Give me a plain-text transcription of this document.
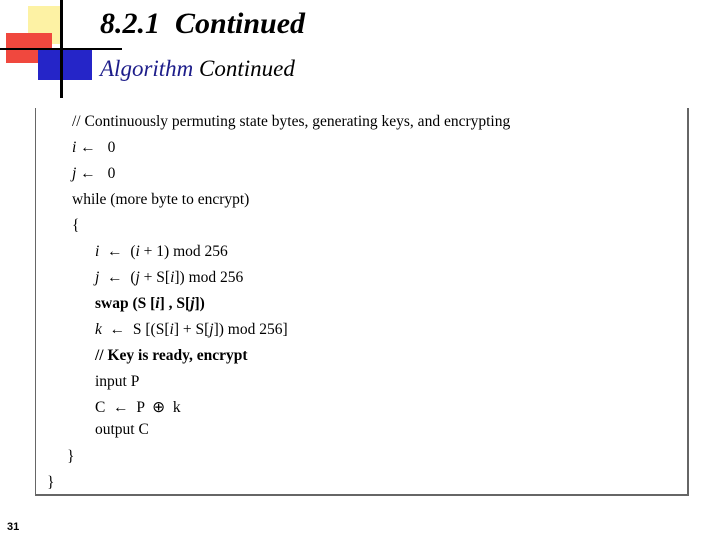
8.2.1  Continued
Algorithm Continued
// Continuously permuting state bytes, generating keys, and encrypting
i ← 0
j ← 0
while (more byte to encrypt)
{
i  ←  (i + 1) mod 256
j  ←  (j + S[i]) mod 256
swap (S [i] , S[j])
k  ←  S [(S[i] + S[j]) mod 256]
// Key is ready, encrypt
input P
C  ←  P  ⊕  k
output C
}
}
31
